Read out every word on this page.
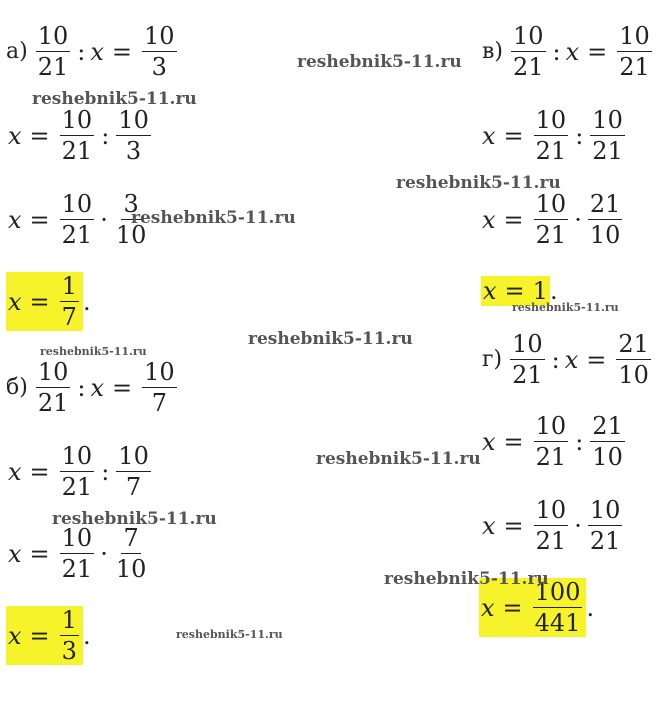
$а) \frac{10}{21}$ : $x = \frac{10}{3}$
$x = \frac{10}{21}$ : $\frac{10}{3}$
$x = \frac{10}{21} \cdot \frac{3}{10}$
$x = \frac{1}{7}$ .
$б) \frac{10}{21}$ : $x = \frac{10}{7}$
$x = \frac{10}{21}$ : $\frac{10}{7}$
$x = \frac{10}{21} \cdot \frac{7}{10}$
$x = \frac{1}{3}$ .
$в) \frac{10}{21}$ : $x = \frac{10}{21}$
$x = \frac{10}{21}$ : $\frac{10}{21}$
$x = \frac{10}{21} \cdot \frac{21}{10}$
x = 1 .
$г) \frac{10}{21}$ : $x = \frac{21}{10}$
$x = \frac{10}{21}$ : $\frac{21}{10}$
$x = \frac{10}{21} \cdot \frac{10}{21}$
$x = \frac{100}{441}$ .
reshebnik5-11.ru
reshebnik5-11.ru
reshebnik5-11.ru
reshebnik5-11.ru
reshebnik5-11.ru
reshebnik5-11.ru
reshebnik5-11.ru
reshebnik5-11.ru
reshebnik5-11.ru
reshebnik5-11.ru
reshebnik5-11.ru
